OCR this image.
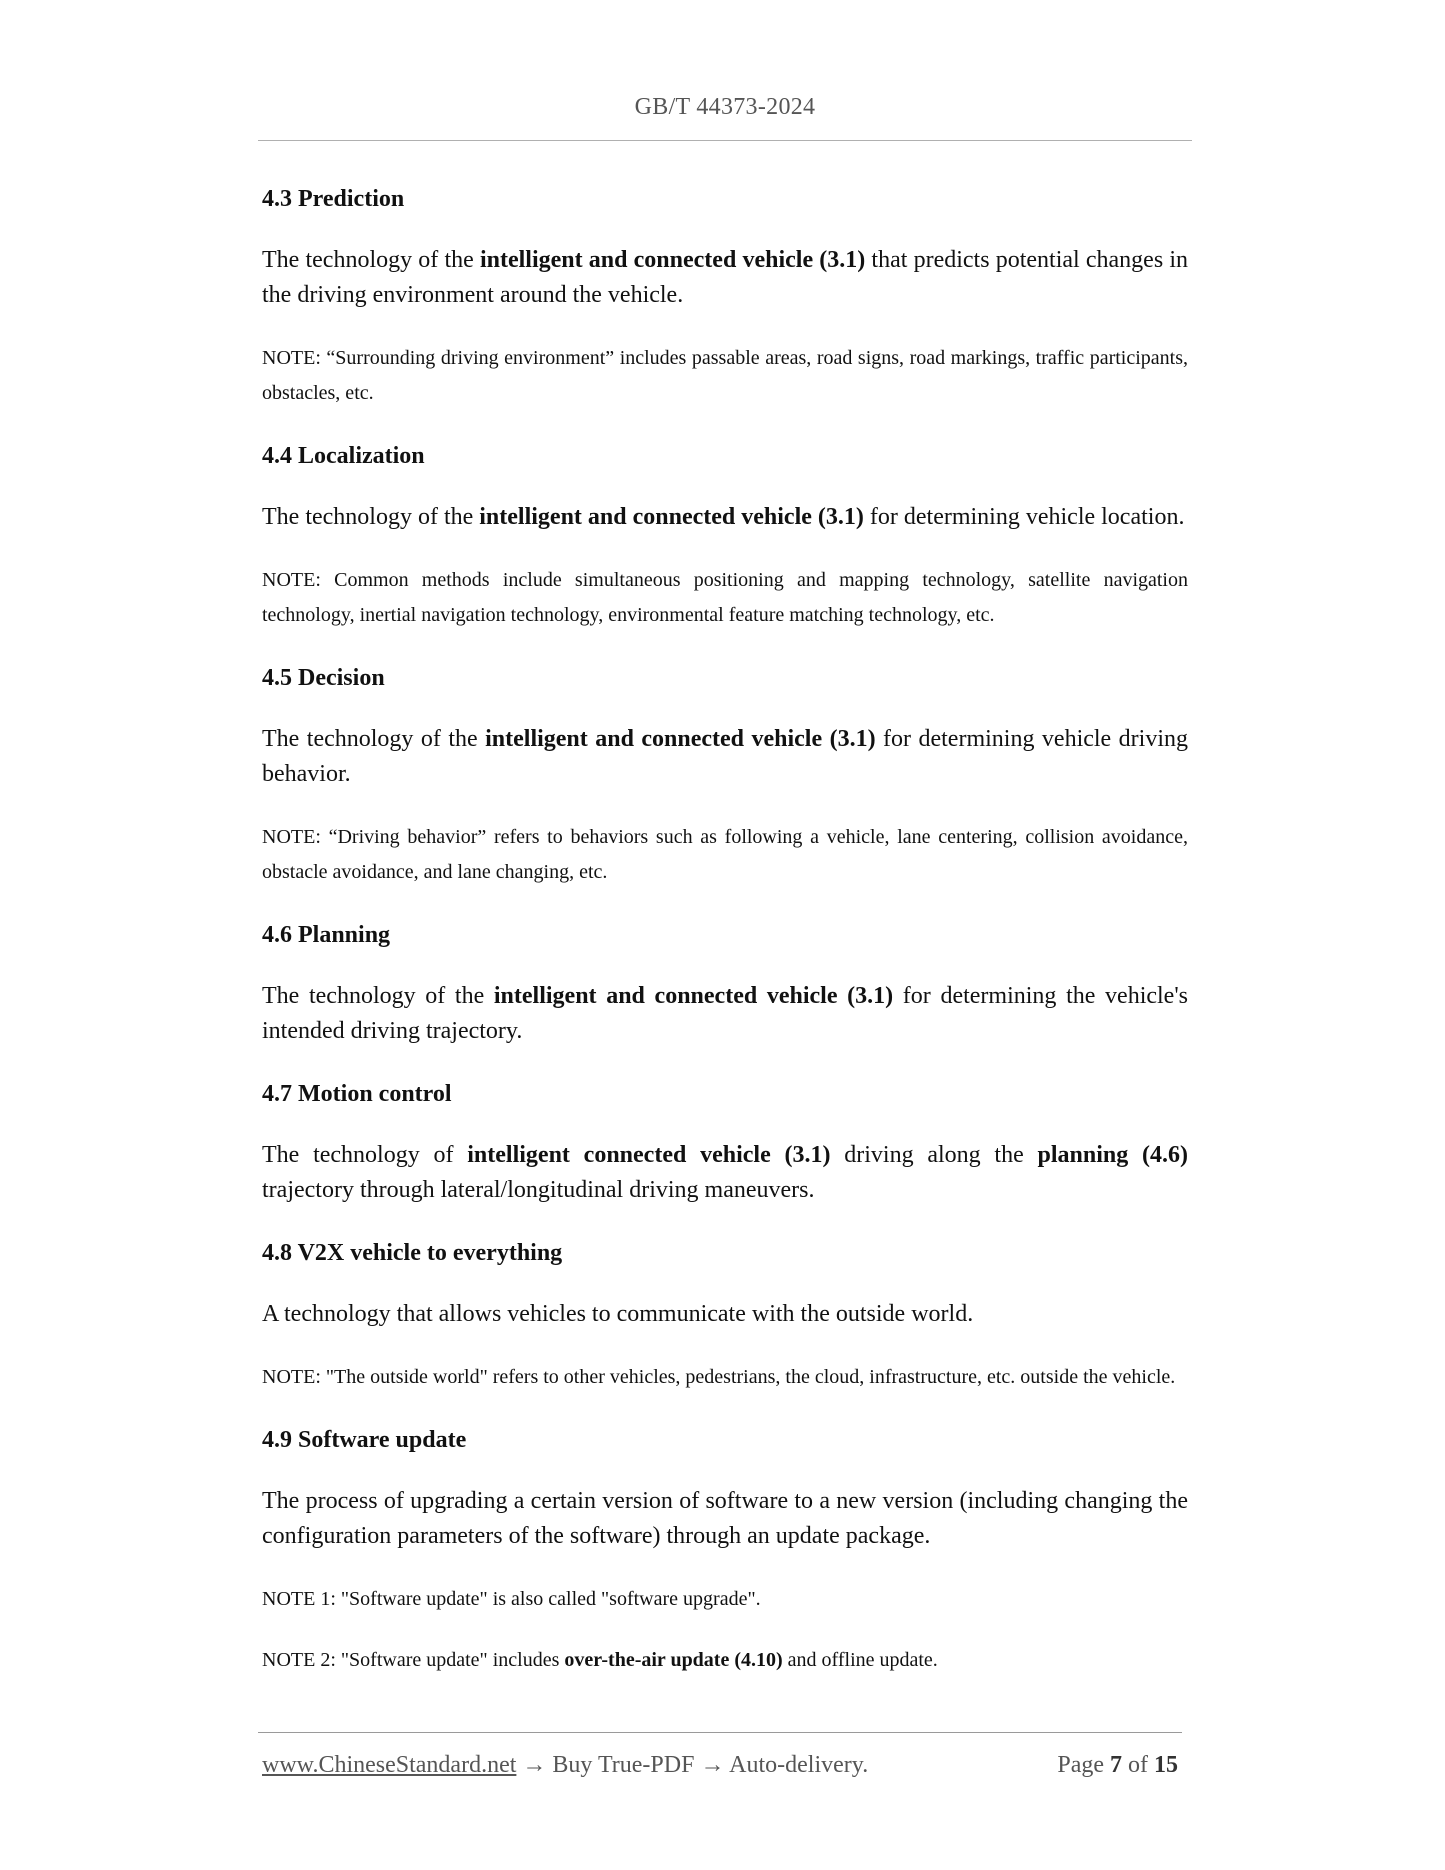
GB/T 44373-2024
4.3 Prediction

The technology of the intelligent and connected vehicle (3.1) that predicts potential changes in the driving environment around the vehicle.

NOTE: “Surrounding driving environment” includes passable areas, road signs, road markings, traffic participants, obstacles, etc.

4.4 Localization

The technology of the intelligent and connected vehicle (3.1) for determining vehicle location.

NOTE: Common methods include simultaneous positioning and mapping technology, satellite navigation technology, inertial navigation technology, environmental feature matching technology, etc.

4.5 Decision

The technology of the intelligent and connected vehicle (3.1) for determining vehicle driving behavior.

NOTE: “Driving behavior” refers to behaviors such as following a vehicle, lane centering, collision avoidance, obstacle avoidance, and lane changing, etc.

4.6 Planning

The technology of the intelligent and connected vehicle (3.1) for determining the vehicle's intended driving trajectory.

4.7 Motion control

The technology of intelligent connected vehicle (3.1) driving along the planning (4.6) trajectory through lateral/longitudinal driving maneuvers.

4.8 V2X vehicle to everything

A technology that allows vehicles to communicate with the outside world.

NOTE: "The outside world" refers to other vehicles, pedestrians, the cloud, infrastructure, etc. outside the vehicle.

4.9 Software update

The process of upgrading a certain version of software to a new version (including changing the configuration parameters of the software) through an update package.

NOTE 1: "Software update" is also called "software upgrade".

NOTE 2: "Software update" includes over-the-air update (4.10) and offline update.

www.ChineseStandard.net → Buy True-PDF → Auto-delivery.	Page 7 of 15
